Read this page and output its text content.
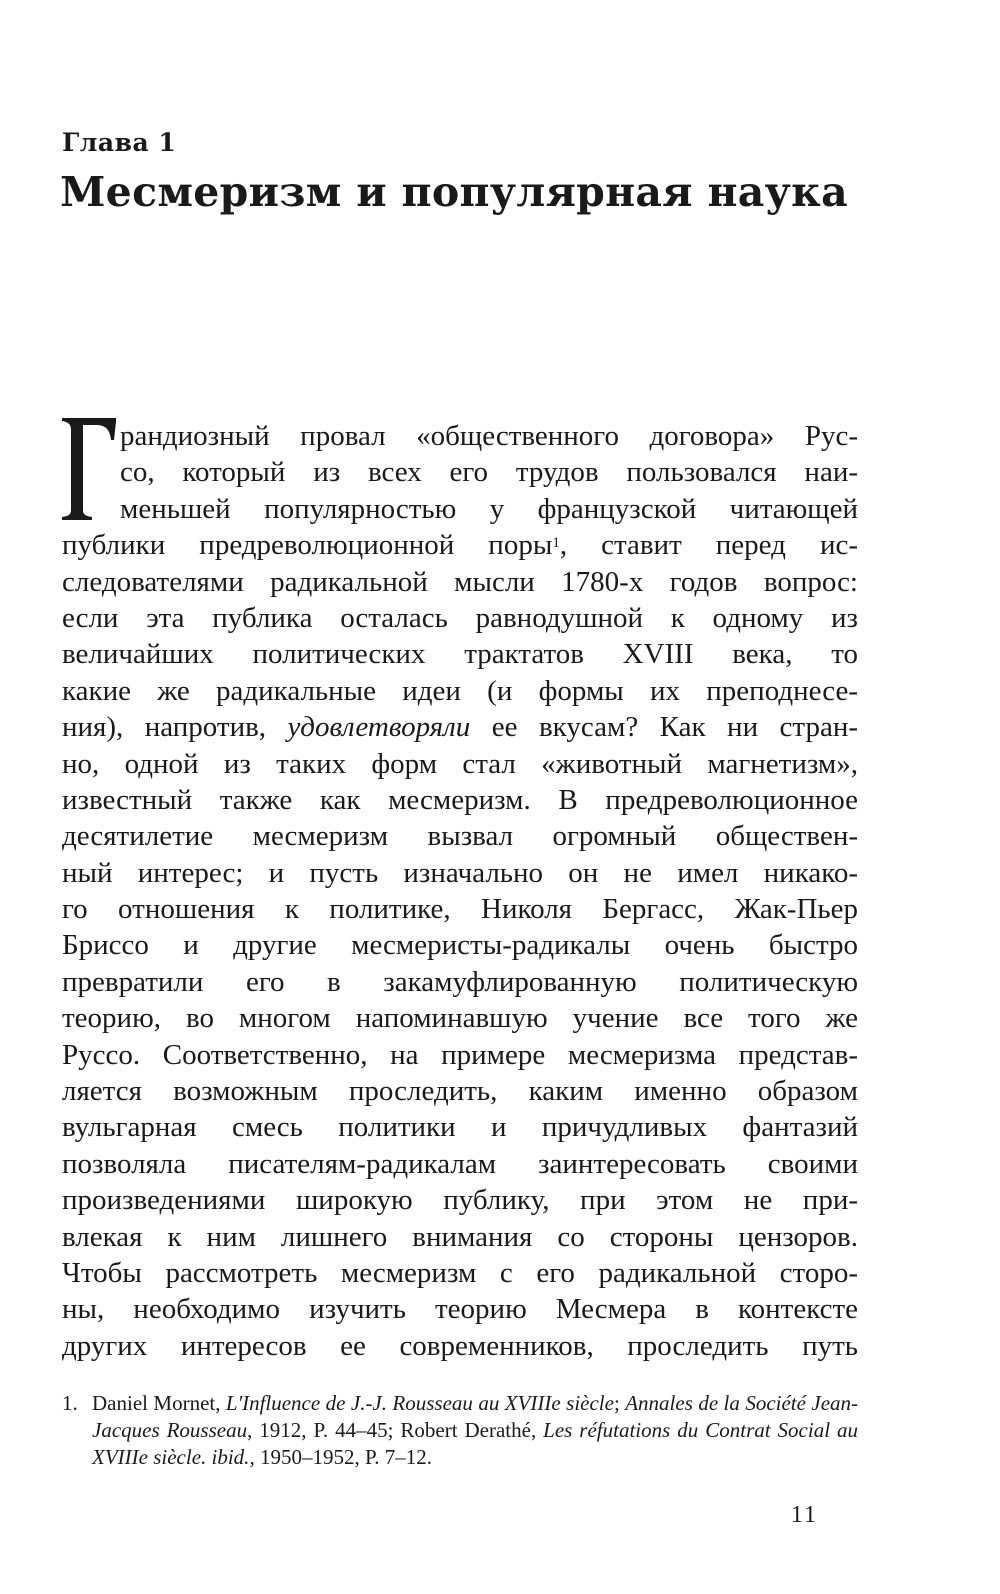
Глава 1
Месмеризм и популярная наука
рандиозный провал «общественного договора» Рус-
со, который из всех его трудов пользовался наи-
меньшей популярностью у французской читающей
публики предреволюционной поры$^1$, ставит перед ис-
следователями радикальной мысли 1780-х годов вопрос:
если эта публика осталась равнодушной к одному из
величайших политических трактатов XVIII века, то
какие же радикальные идеи (и формы их преподнесе-
ния), напротив, удовлетворяли ее вкусам? Как ни стран-
но, одной из таких форм стал «животный магнетизм»,
известный также как месмеризм. В предреволюционное
десятилетие месмеризм вызвал огромный обществен-
ный интерес; и пусть изначально он не имел никако-
го отношения к политике, Николя Бергасс, Жак-Пьер
Бриссо и другие месмеристы-радикалы очень быстро
превратили его в закамуфлированную политическую
теорию, во многом напоминавшую учение все того же
Руссо. Соответственно, на примере месмеризма представ-
ляется возможным проследить, каким именно образом
вульгарная смесь политики и причудливых фантазий
позволяла писателям-радикалам заинтересовать своими
произведениями широкую публику, при этом не при-
влекая к ним лишнего внимания со стороны цензоров.
Чтобы рассмотреть месмеризм с его радикальной сторо-
ны, необходимо изучить теорию Месмера в контексте
других интересов ее современников, проследить путь
1. Daniel Mornet, L'Influence de J.-J. Rousseau au XVIIIe siècle; Annales de la Société Jean-Jacques Rousseau, 1912, P. 44–45; Robert Derathé, Les réfutations du Contrat Social au XVIIIe siècle. ibid., 1950–1952, P. 7–12.
11
